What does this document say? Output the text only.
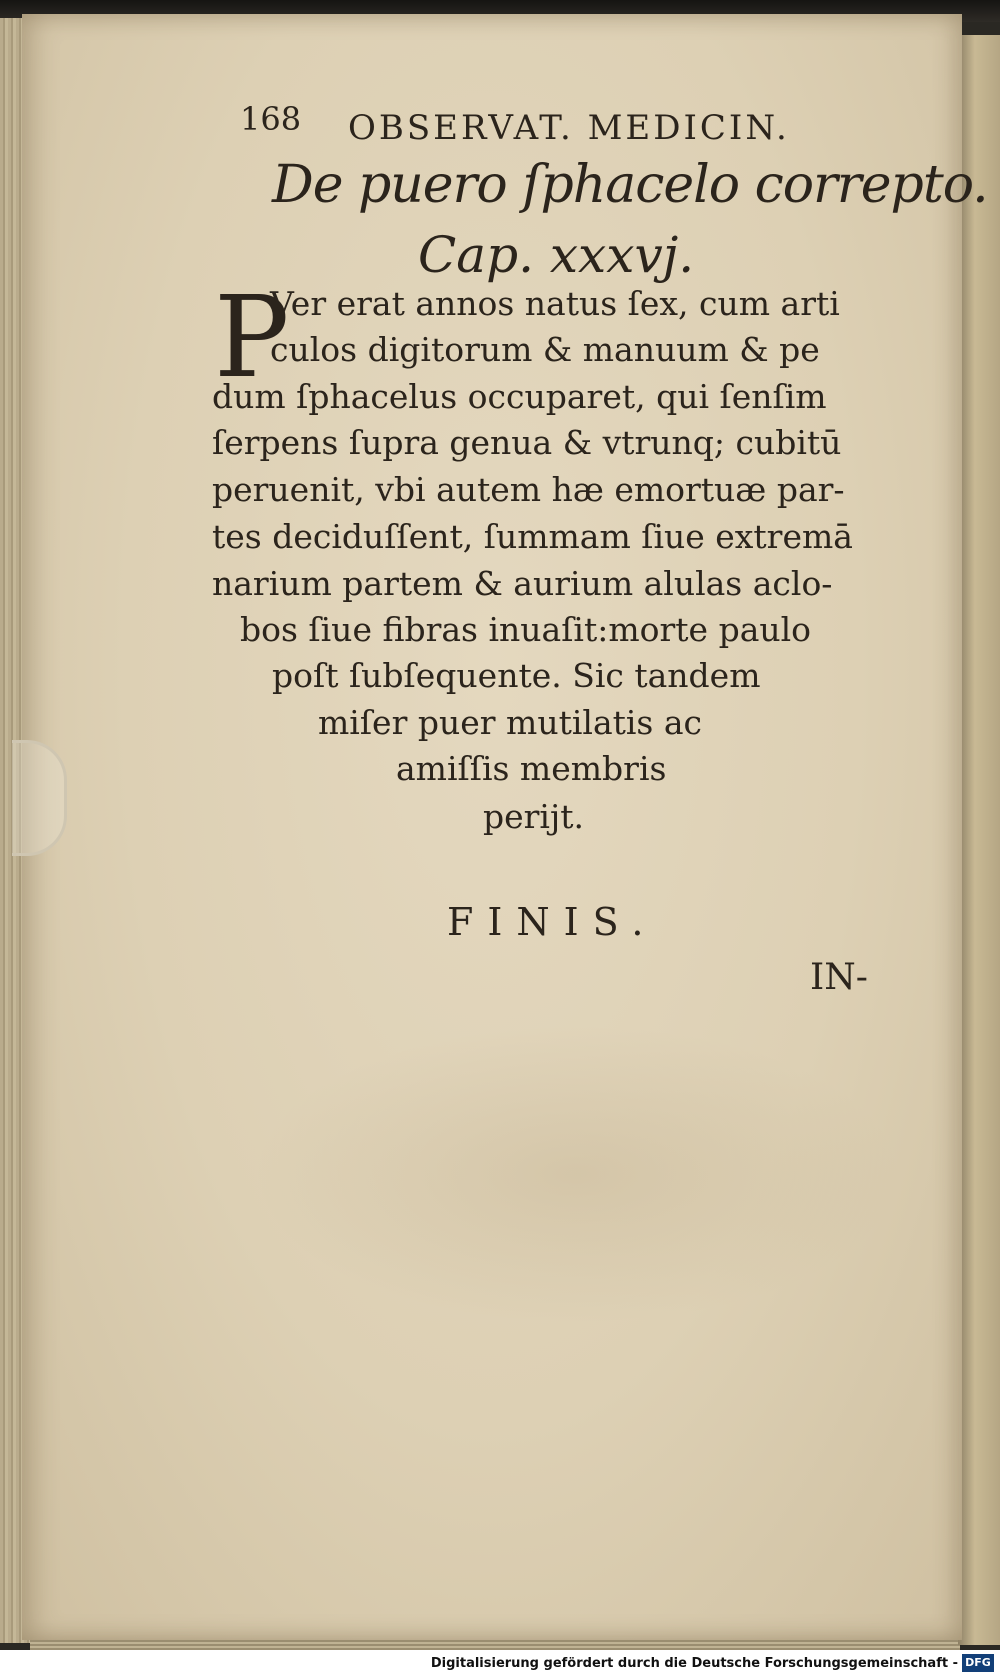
168 OBSERVAT. MEDICIN.
De puero ſphacelo correpto.
Cap. xxxvj.
P
Ver erat annos natus ſex, cum arti
culos digitorum & manuum & pe
dum ſphacelus occuparet, qui ſenſim
ſerpens ſupra genua & vtrunq; cubitū
peruenit, vbi autem hæ emortuæ par-
tes deciduſſent, ſummam ſiue extremā
narium partem & aurium alulas aclo-
bos ſiue fibras inuaſit:morte paulo
poſt ſubſequente. Sic tandem
miſer puer mutilatis ac
amiſſis membris
perijt.
FINIS.
IN-
Digitalisierung gefördert durch die Deutsche Forschungsgemeinschaft - DFG
